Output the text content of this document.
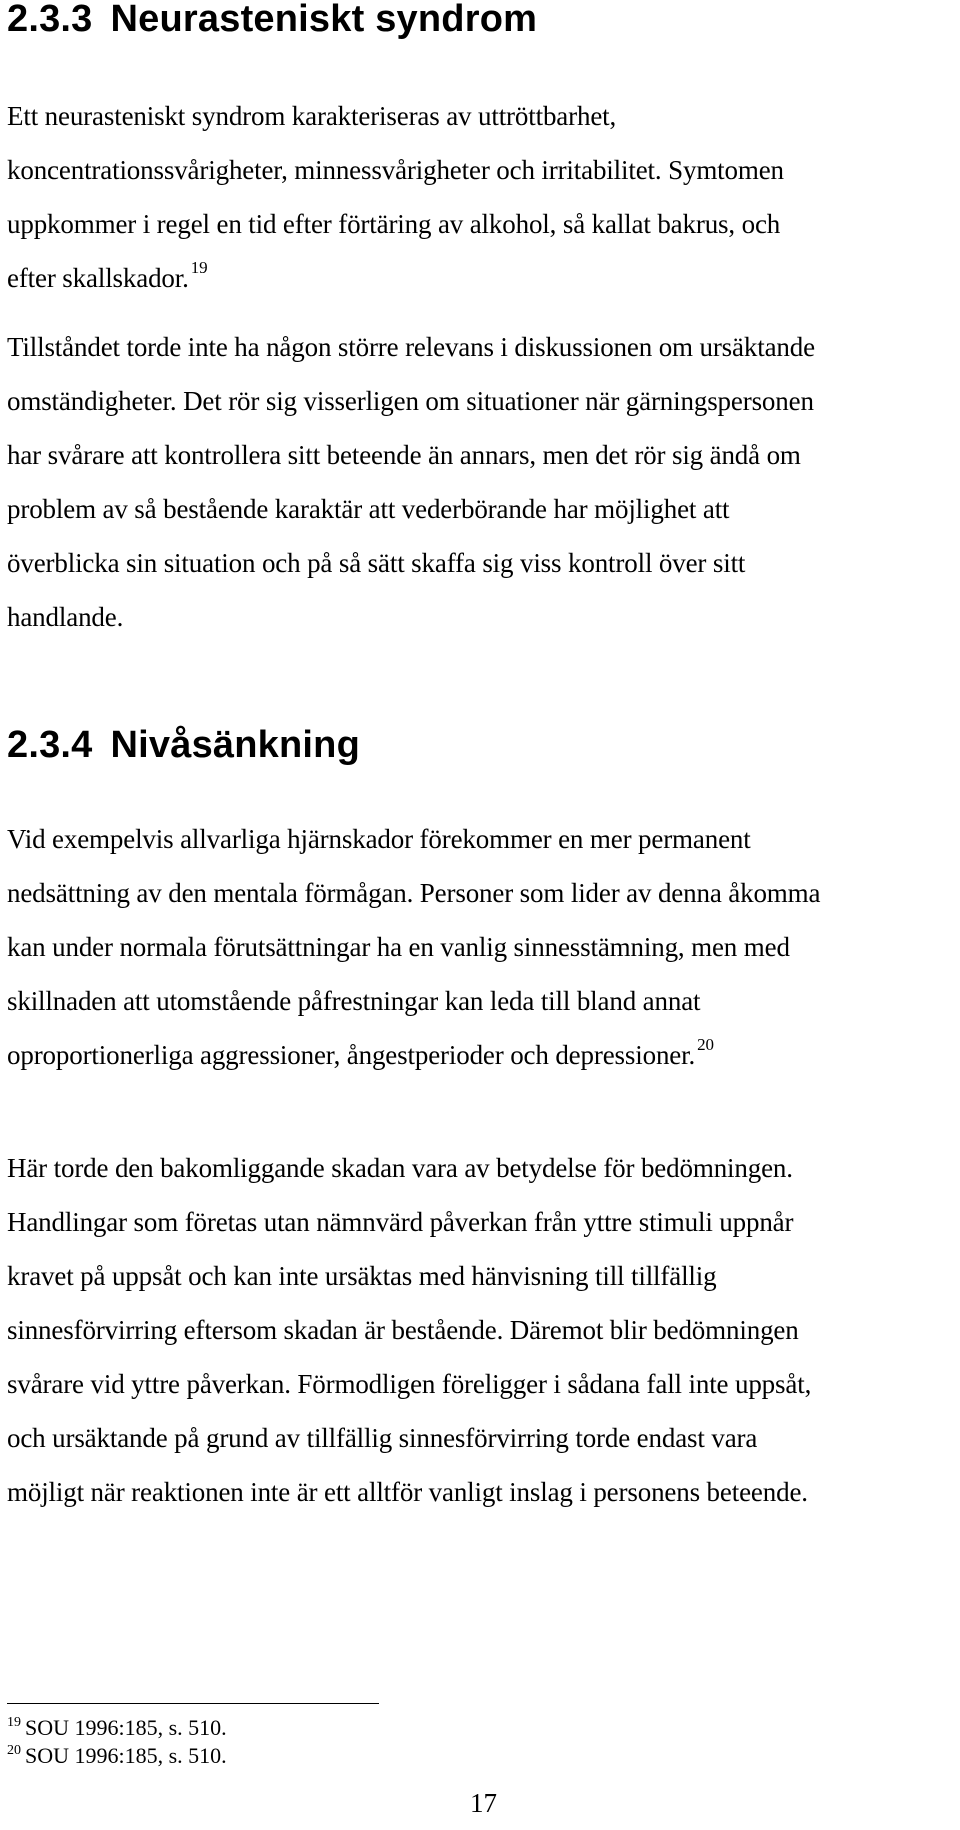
2.3.3 Neurasteniskt syndrom

Ett neurasteniskt syndrom karakteriseras av uttröttbarhet,
koncentrationssvårigheter, minnessvårigheter och irritabilitet. Symtomen
uppkommer i regel en tid efter förtäring av alkohol, så kallat bakrus, och
efter skallskador. $^{19}$

Tillståndet torde inte ha någon större relevans i diskussionen om ursäktande
omständigheter. Det rör sig visserligen om situationer när gärningspersonen
har svårare att kontrollera sitt beteende än annars, men det rör sig ändå om
problem av så bestående karaktär att vederbörande har möjlighet att
överblicka sin situation och på så sätt skaffa sig viss kontroll över sitt
handlande.

2.3.4 Nivåsänkning

Vid exempelvis allvarliga hjärnskador förekommer en mer permanent
nedsättning av den mentala förmågan. Personer som lider av denna åkomma
kan under normala förutsättningar ha en vanlig sinnesstämning, men med
skillnaden att utomstående påfrestningar kan leda till bland annat
oproportionerliga aggressioner, ångestperioder och depressioner. $^{20}$

Här torde den bakomliggande skadan vara av betydelse för bedömningen.
Handlingar som företas utan nämnvärd påverkan från yttre stimuli uppnår
kravet på uppsåt och kan inte ursäktas med hänvisning till tillfällig
sinnesförvirring eftersom skadan är bestående. Däremot blir bedömningen
svårare vid yttre påverkan. Förmodligen föreligger i sådana fall inte uppsåt,
och ursäktande på grund av tillfällig sinnesförvirring torde endast vara
möjligt när reaktionen inte är ett alltför vanligt inslag i personens beteende.

$^{19}$ SOU 1996:185, s. 510.
$^{20}$ SOU 1996:185, s. 510.
17
